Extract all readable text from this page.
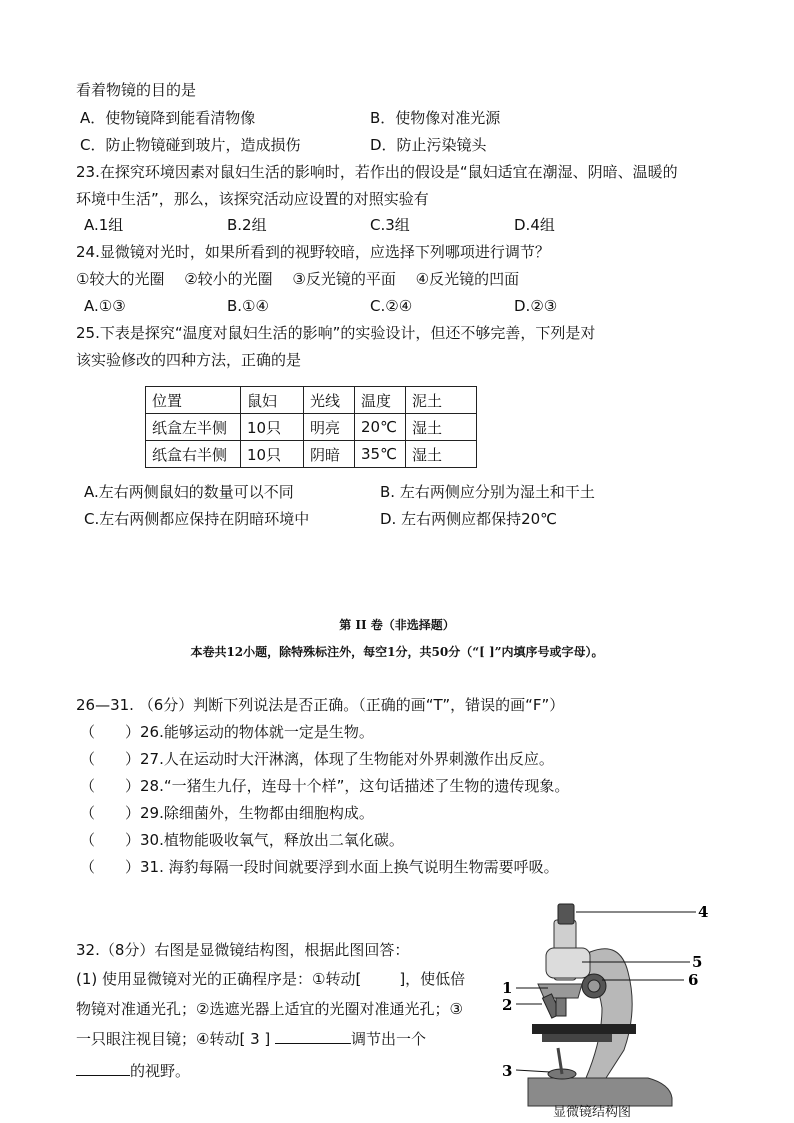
看着物镜的目的是
A．使物镜降到能看清物像	B．使物像对准光源
C．防止物镜碰到玻片，造成损伤	D．防止污染镜头
23.在探究环境因素对鼠妇生活的影响时，若作出的假设是“鼠妇适宜在潮湿、阴暗、温暖的
环境中生活”，那么，该探究活动应设置的对照实验有
A.1组	B.2组	C.3组	D.4组
24.显微镜对光时，如果所看到的视野较暗，应选择下列哪项进行调节？
①较大的光圈　 ②较小的光圈　 ③反光镜的平面　 ④反光镜的凹面
A.①③	B.①④	C.②④	D.②③
25.下表是探究“温度对鼠妇生活的影响”的实验设计，但还不够完善，下列是对
该实验修改的四种方法，正确的是
位置	鼠妇	光线	温度	泥土
纸盒左半侧	10只	明亮	20℃	湿土
纸盒右半侧	10只	阴暗	35℃	湿土
A.左右两侧鼠妇的数量可以不同	B. 左右两侧应分别为湿土和干土
C.左右两侧都应保持在阴暗环境中	D. 左右两侧应都保持20℃
第 II 卷（非选择题）
本卷共12小题，除特殊标注外，每空1分，共50分（“[ ]”内填序号或字母）。
26—31. （6分）判断下列说法是否正确。（正确的画“T”，错误的画“F”）
（　　）26.能够运动的物体就一定是生物。
（　　）27.人在运动时大汗淋漓，体现了生物能对外界刺激作出反应。
（　　）28.“一猪生九仔，连母十个样”，这句话描述了生物的遗传现象。
（　　）29.除细菌外，生物都由细胞构成。
（　　）30.植物能吸收氧气，释放出二氧化碳。
（　　）31. 海豹每隔一段时间就要浮到水面上换气说明生物需要呼吸。
32.（8分）右图是显微镜结构图，根据此图回答：
(1) 使用显微镜对光的正确程序是：①转动[	]，使低倍
物镜对准通光孔；②选遮光器上适宜的光圈对准通光孔；③
一只眼注视目镜；④转动[ 3 ]	调节出一个
的视野。
4
5
6
1
2
3
显微镜结构图
